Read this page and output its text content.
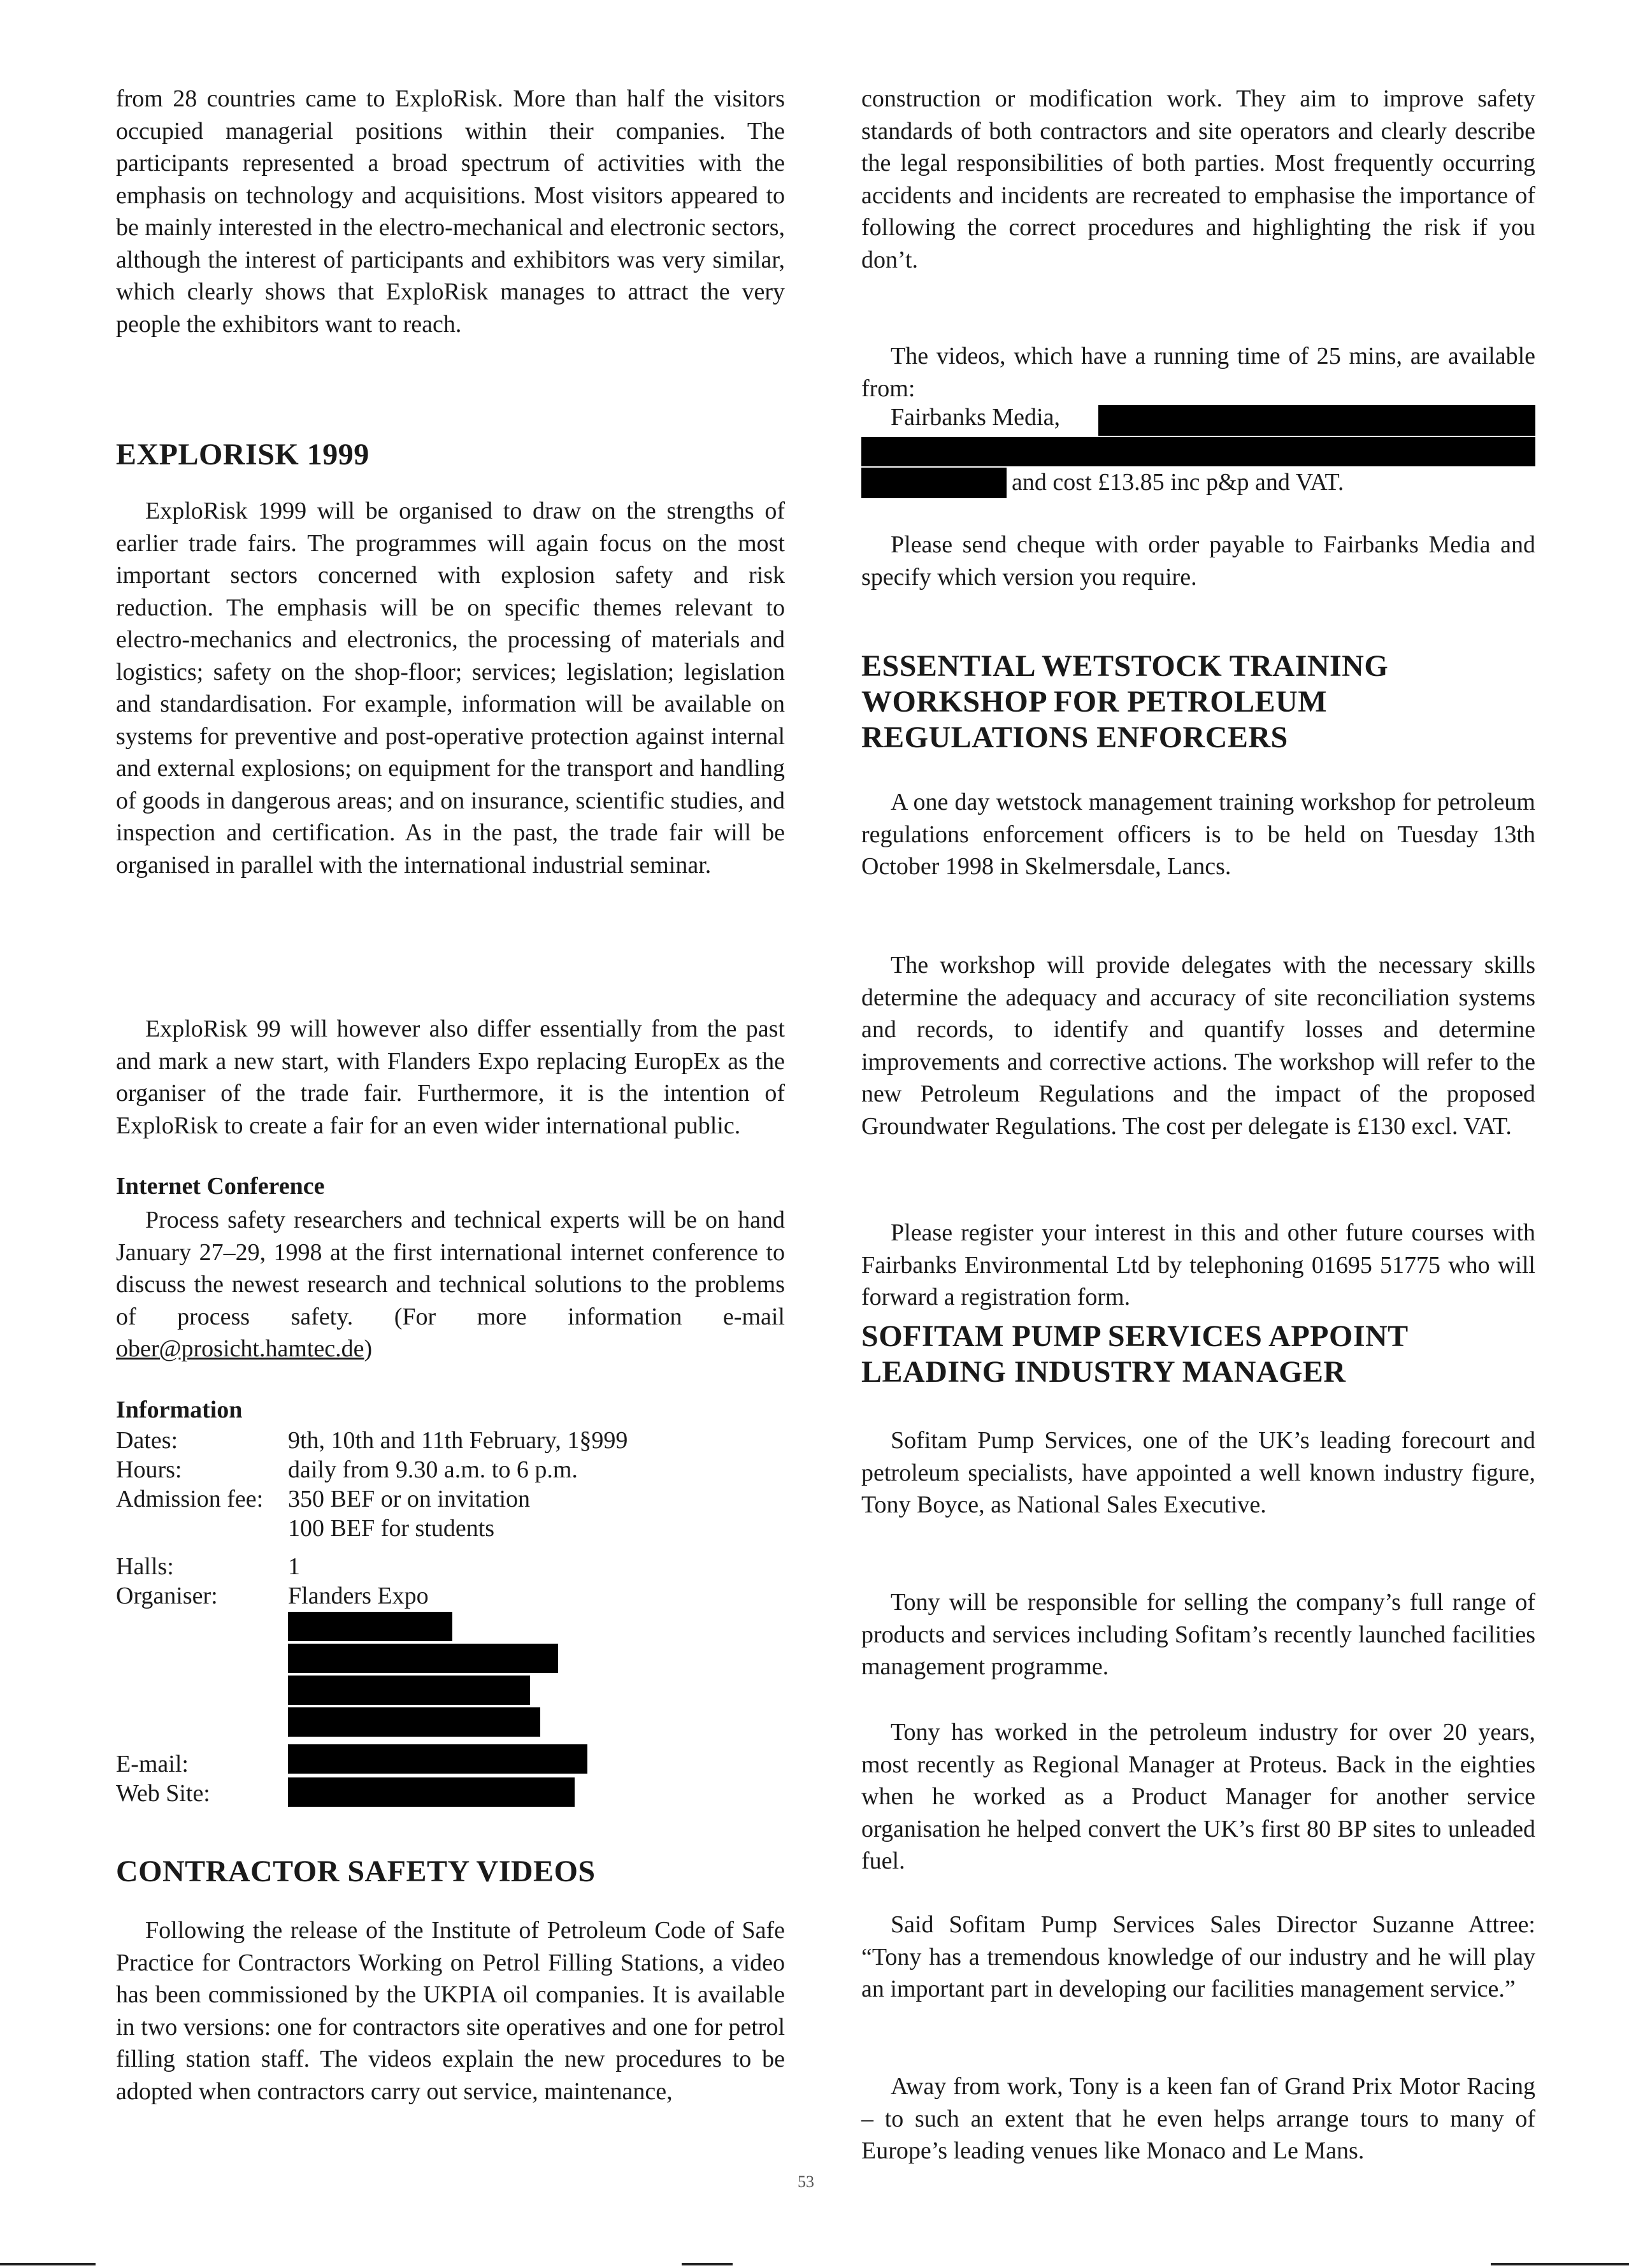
from 28 countries came to ExploRisk. More than half the visitors occupied managerial positions within their companies. The participants represented a broad spectrum of activities with the emphasis on technology and acquisitions. Most visitors appeared to be mainly interested in the electro-mechanical and electronic sectors, although the interest of participants and exhibitors was very similar, which clearly shows that ExploRisk manages to attract the very people the exhibitors want to reach.

EXPLORISK 1999

ExploRisk 1999 will be organised to draw on the strengths of earlier trade fairs. The programmes will again focus on the most important sectors concerned with explosion safety and risk reduction. The emphasis will be on specific themes relevant to electro-mechanics and electronics, the processing of materials and logistics; safety on the shop-floor; services; legislation; legislation and standardisation. For example, information will be available on systems for preventive and post-operative protection against internal and external explosions; on equipment for the transport and handling of goods in dangerous areas; and on insurance, scientific studies, and inspection and certification. As in the past, the trade fair will be organised in parallel with the international industrial seminar.

ExploRisk 99 will however also differ essentially from the past and mark a new start, with Flanders Expo replacing EuropEx as the organiser of the trade fair. Furthermore, it is the intention of ExploRisk to create a fair for an even wider international public.

Internet Conference

Process safety researchers and technical experts will be on hand January 27–29, 1998 at the first international internet conference to discuss the newest research and technical solutions to the problems of process safety. (For more information e-mail ober@prosicht.hamtec.de)

Information
Dates:	9th, 10th and 11th February, 1§999
Hours:	daily from 9.30 a.m. to 6 p.m.
Admission fee: 350 BEF or on invitation
100 BEF for students
Halls:	1
Organiser:	Flanders Expo
E-mail:
Web Site:
CONTRACTOR SAFETY VIDEOS

Following the release of the Institute of Petroleum Code of Safe Practice for Contractors Working on Petrol Filling Stations, a video has been commissioned by the UKPIA oil companies. It is available in two versions: one for contractors site operatives and one for petrol filling station staff. The videos explain the new procedures to be adopted when contractors carry out service, maintenance,

construction or modification work. They aim to improve safety standards of both contractors and site operators and clearly describe the legal responsibilities of both parties. Most frequently occurring accidents and incidents are recreated to emphasise the importance of following the correct procedures and highlighting the risk if you don’t.

The videos, which have a running time of 25 mins, are available from:

Fairbanks Media,
and cost £13.85 inc p&p and VAT.

Please send cheque with order payable to Fairbanks Media and specify which version you require.

ESSENTIAL WETSTOCK TRAINING WORKSHOP FOR PETROLEUM REGULATIONS ENFORCERS

A one day wetstock management training workshop for petroleum regulations enforcement officers is to be held on Tuesday 13th October 1998 in Skelmersdale, Lancs.

The workshop will provide delegates with the necessary skills determine the adequacy and accuracy of site reconciliation systems and records, to identify and quantify losses and determine improvements and corrective actions. The workshop will refer to the new Petroleum Regulations and the impact of the proposed Groundwater Regulations. The cost per delegate is £130 excl. VAT.

Please register your interest in this and other future courses with Fairbanks Environmental Ltd by telephoning 01695 51775 who will forward a registration form.

SOFITAM PUMP SERVICES APPOINT LEADING INDUSTRY MANAGER

Sofitam Pump Services, one of the UK’s leading forecourt and petroleum specialists, have appointed a well known industry figure, Tony Boyce, as National Sales Executive.

Tony will be responsible for selling the company’s full range of products and services including Sofitam’s recently launched facilities management programme.

Tony has worked in the petroleum industry for over 20 years, most recently as Regional Manager at Proteus. Back in the eighties when he worked as a Product Manager for another service organisation he helped convert the UK’s first 80 BP sites to unleaded fuel.

Said Sofitam Pump Services Sales Director Suzanne Attree: “Tony has a tremendous knowledge of our industry and he will play an important part in developing our facilities management service.”

Away from work, Tony is a keen fan of Grand Prix Motor Racing – to such an extent that he even helps arrange tours to many of Europe’s leading venues like Monaco and Le Mans.

53
